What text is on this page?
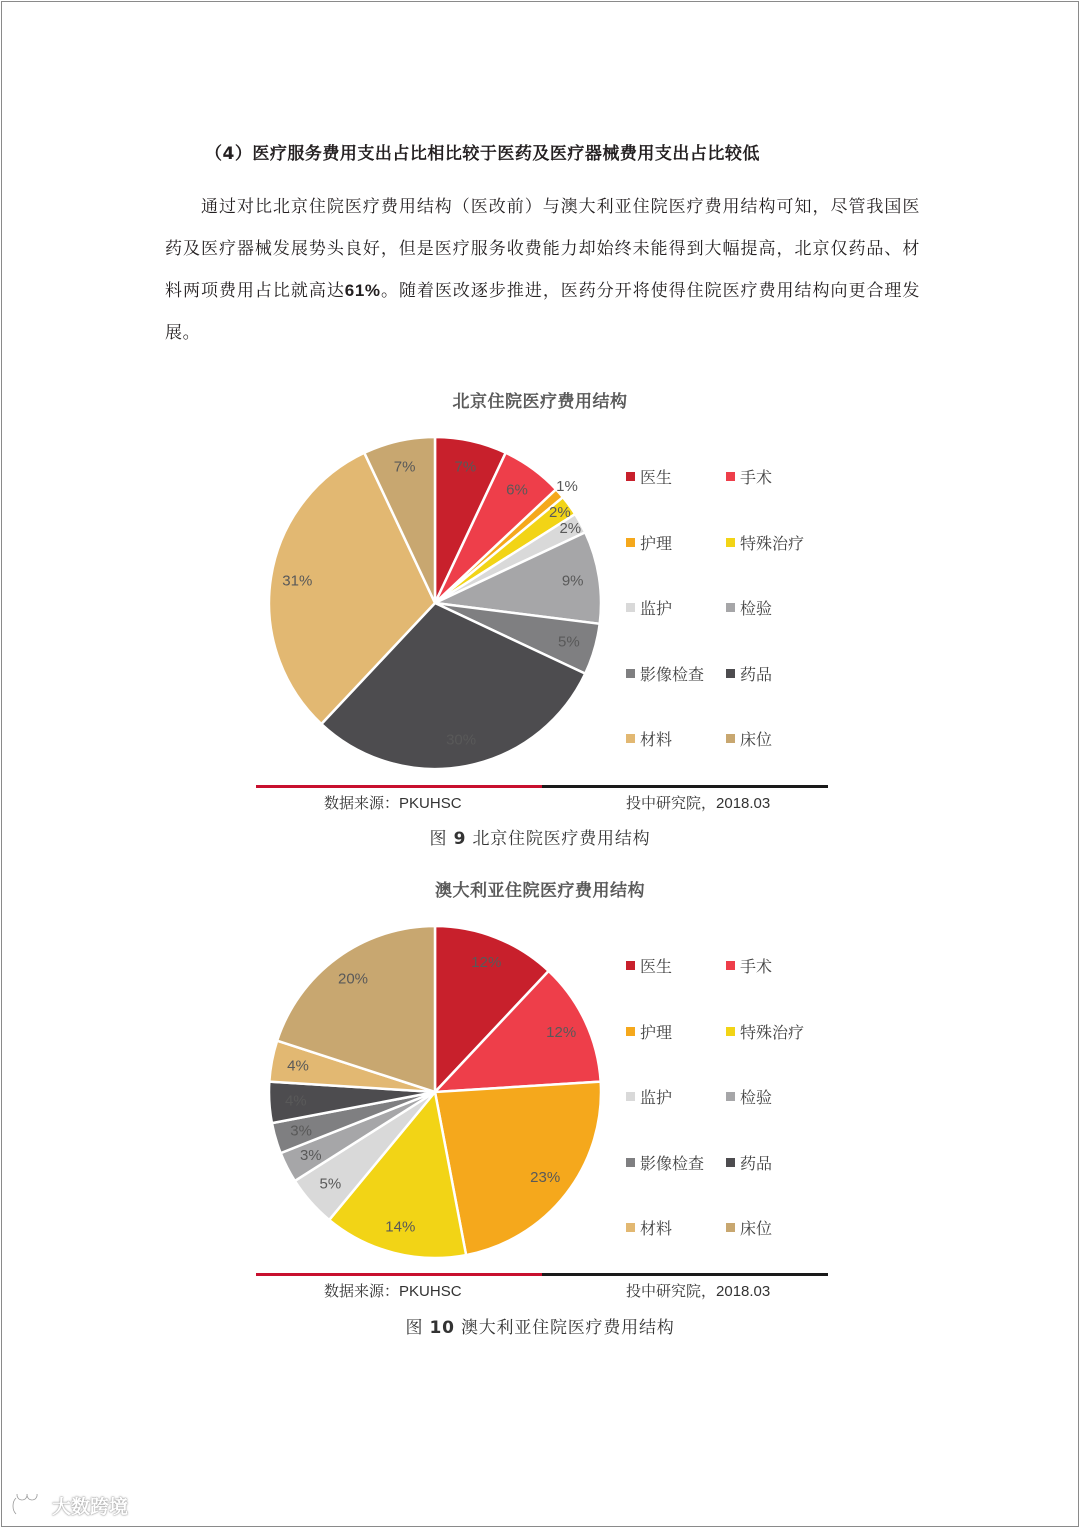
（4）医疗服务费用支出占比相比较于医药及医疗器械费用支出占比较低
通过对比北京住院医疗费用结构（医改前）与澳大利亚住院医疗费用结构可知，尽管我国医药及医疗器械发展势头良好，但是医疗服务收费能力却始终未能得到大幅提高，北京仅药品、材料两项费用占比就高达61%。随着医改逐步推进，医药分开将使得住院医疗费用结构向更合理发展。
北京住院医疗费用结构
7%
6% 1%
2%
2%
9%
5%
30%
31%
7%
医生	手术
护理	特殊治疗
监护	检验
影像检查 药品
材料	床位
数据来源：PKUHSC	投中研究院，2018.03
图 9 北京住院医疗费用结构
澳大利亚住院医疗费用结构
12%
12%
23%
14%
5%
3%
3%
4%
4%
20%
医生	手术
护理	特殊治疗
监护	检验
影像检查 药品
材料	床位
数据来源：PKUHSC	投中研究院，2018.03
图 10 澳大利亚住院医疗费用结构
大数跨境
